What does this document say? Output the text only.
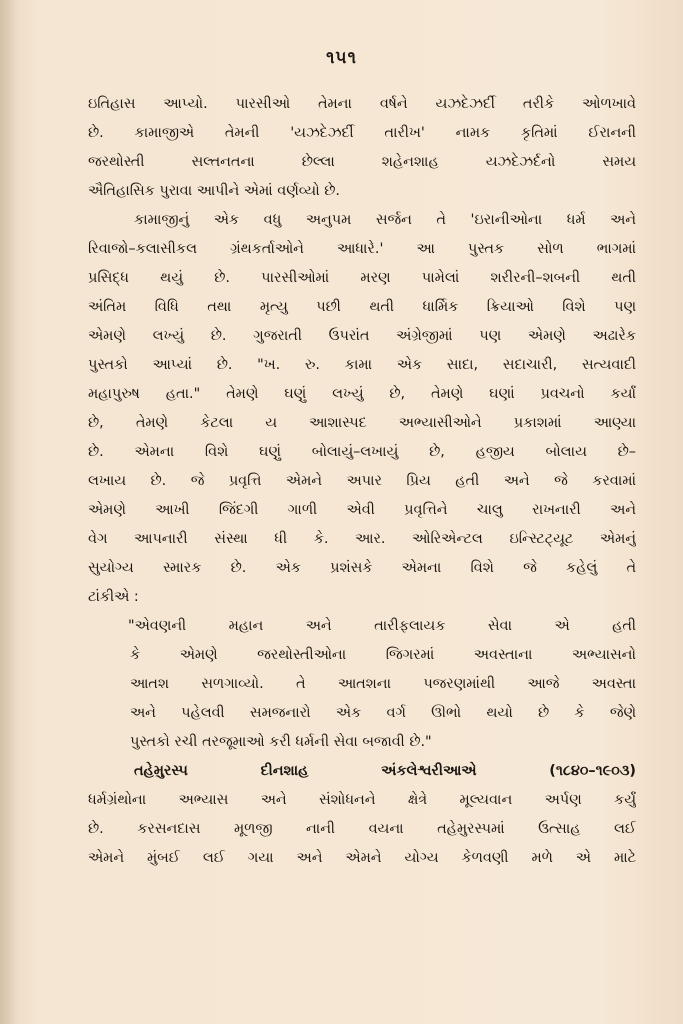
૧૫૧
ઇતિહાસ આપ્યો. પારસીઓ તેમના વર્ષને યઝદેઝર્દી તરીકે ઓળખાવે
છે. કામાજીએ તેમની 'યઝદેઝર્દી તારીખ' નામક કૃતિમાં ઈરાનની
જરથોસ્તી સલ્તનતના છેલ્લા શહેનશાહ યઝદેઝર્દનો સમય
ઐતિહાસિક પુરાવા આપીને એમાં વર્ણવ્યો છે.
કામાજીનું એક વધુ અનુપમ સર્જન તે 'ઇરાનીઓના ધર્મ અને
રિવાજો–કલાસીકલ ગ્રંથકર્તાઓને આધારે.' આ પુસ્તક સોળ ભાગમાં
પ્રસિદ્ધ થયું છે. પારસીઓમાં મરણ પામેલાં શરીરની–શબની થતી
અંતિમ વિધિ તથા મૃત્યુ પછી થતી ધાર્મિક ક્રિયાઓ વિશે પણ
એમણે લખ્યું છે. ગુજરાતી ઉપરાંત અંગ્રેજીમાં પણ એમણે અઢારેક
પુસ્તકો આપ્યાં છે. "ખ. રુ. કામા એક સાદા, સદાચારી, સત્યવાદી
મહાપુરુષ હતા." તેમણે ઘણું લખ્યું છે, તેમણે ઘણાં પ્રવચનો કર્યાં
છે, તેમણે કેટલા ય આશાસ્પદ અભ્યાસીઓને પ્રકાશમાં આણ્યા
છે. એમના વિશે ઘણું બોલાયું–લખાયું છે, હજીય બોલાય છે–
લખાય છે. જે પ્રવૃત્તિ એમને અપાર પ્રિય હતી અને જે કરવામાં
એમણે આખી જિંદગી ગાળી એવી પ્રવૃત્તિને ચાલુ રાખનારી અને
વેગ આપનારી સંસ્થા ધી કે. આર. ઓરિએન્ટલ ઇન્સ્ટિટ્યૂટ એમનું
સુયોગ્ય સ્મારક છે. એક પ્રશંસકે એમના વિશે જે કહેલું તે
ટાંકીએ :
"એવણની મહાન અને તારીફલાયક સેવા એ હતી
કે એમણે જરથોસ્તીઓના જિગરમાં અવસ્તાના અભ્યાસનો
આતશ સળગાવ્યો. તે આતશના પજરણમાંથી આજે અવસ્તા
અને પહેલવી સમજનારો એક વર્ગ ઊભો થયો છે કે જેણે
પુસ્તકો રચી તરજૂમાઓ કરી ધર્મની સેવા બજાવી છે."
તહેમુરસ્પ દીનશાહ અંકલેશ્વરીઆએ (૧૮૪૦–૧૯૦૩)
ધર્મગ્રંથોના અભ્યાસ અને સંશોધનને ક્ષેત્રે મૂલ્યવાન અર્પણ કર્યું
છે. કરસનદાસ મૂળજી નાની વયના તહેમુરસ્પમાં ઉત્સાહ લઈ
એમને મુંબઈ લઈ ગયા અને એમને યોગ્ય કેળવણી મળે એ માટે
